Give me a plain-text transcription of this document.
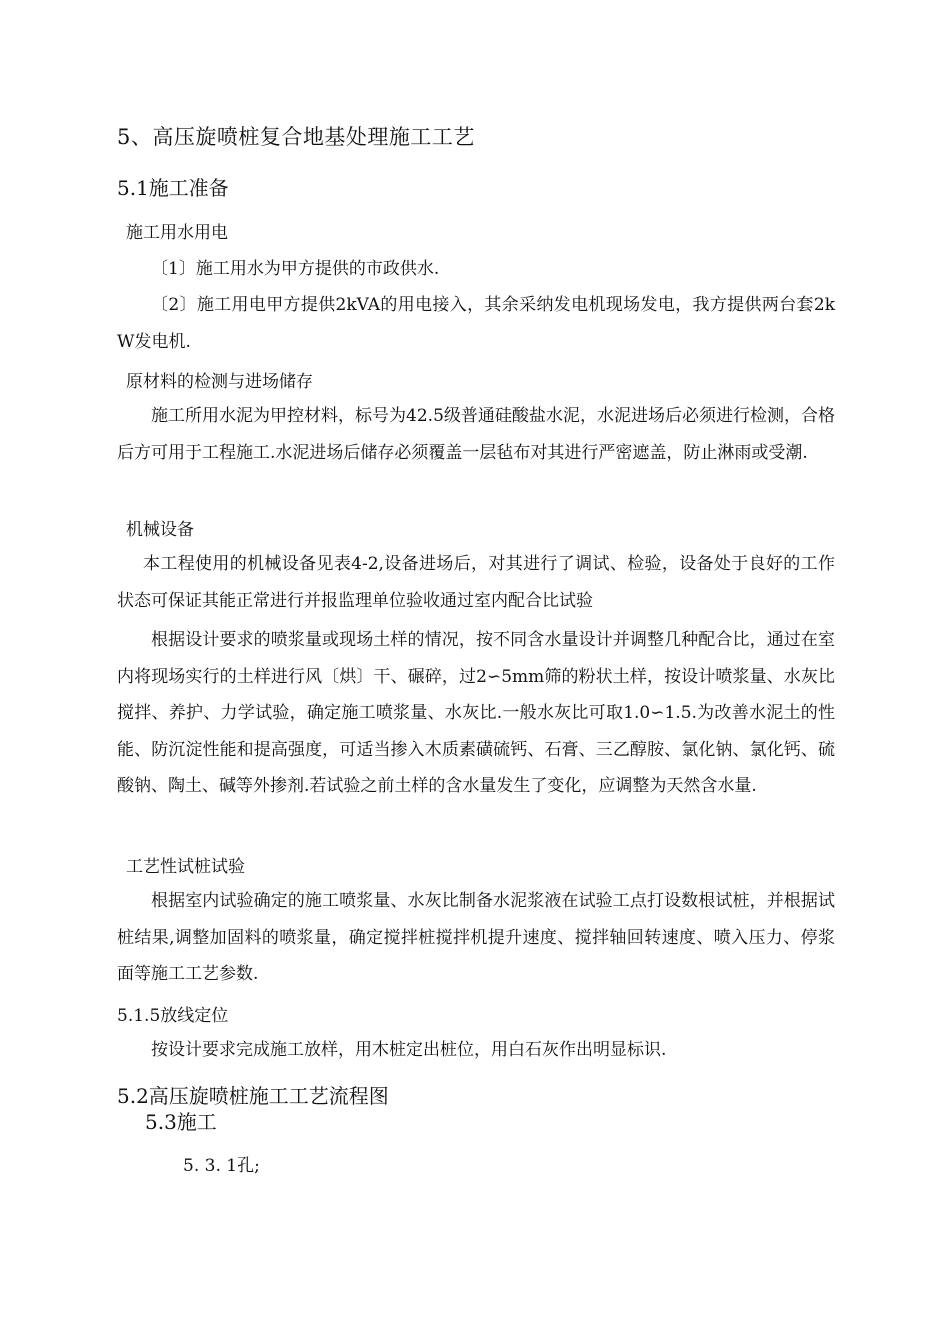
5、高压旋喷桩复合地基处理施工工艺
5.1施工准备
施工用水用电
〔1〕施工用水为甲方提供的市政供水.
〔2〕施工用电甲方提供2kVA的用电接入，其余采纳发电机现场发电，我方提供两台套2kW发电机.
原材料的检测与进场储存
施工所用水泥为甲控材料，标号为42.5级普通硅酸盐水泥，水泥进场后必须进行检测，合格后方可用于工程施工.水泥进场后储存必须覆盖一层毡布对其进行严密遮盖，防止淋雨或受潮.
机械设备
本工程使用的机械设备见表4-2,设备进场后，对其进行了调试、检验，设备处于良好的工作状态可保证其能正常进行并报监理单位验收通过室内配合比试验
根据设计要求的喷浆量或现场土样的情况，按不同含水量设计并调整几种配合比，通过在室内将现场实行的土样进行风〔烘〕干、碾碎，过2∽5mm筛的粉状土样，按设计喷浆量、水灰比搅拌、养护、力学试验，确定施工喷浆量、水灰比.一般水灰比可取1.0∽1.5.为改善水泥土的性能、防沉淀性能和提高强度，可适当掺入木质素磺硫钙、石膏、三乙醇胺、氯化钠、氯化钙、硫酸钠、陶土、碱等外掺剂.若试验之前土样的含水量发生了变化，应调整为天然含水量.
工艺性试桩试验
根据室内试验确定的施工喷浆量、水灰比制备水泥浆液在试验工点打设数根试桩，并根据试桩结果,调整加固料的喷浆量，确定搅拌桩搅拌机提升速度、搅拌轴回转速度、喷入压力、停浆面等施工工艺参数.
5.1.5放线定位
按设计要求完成施工放样，用木桩定出桩位，用白石灰作出明显标识.
5.2高压旋喷桩施工工艺流程图
5.3施工
5. 3. 1孔;
